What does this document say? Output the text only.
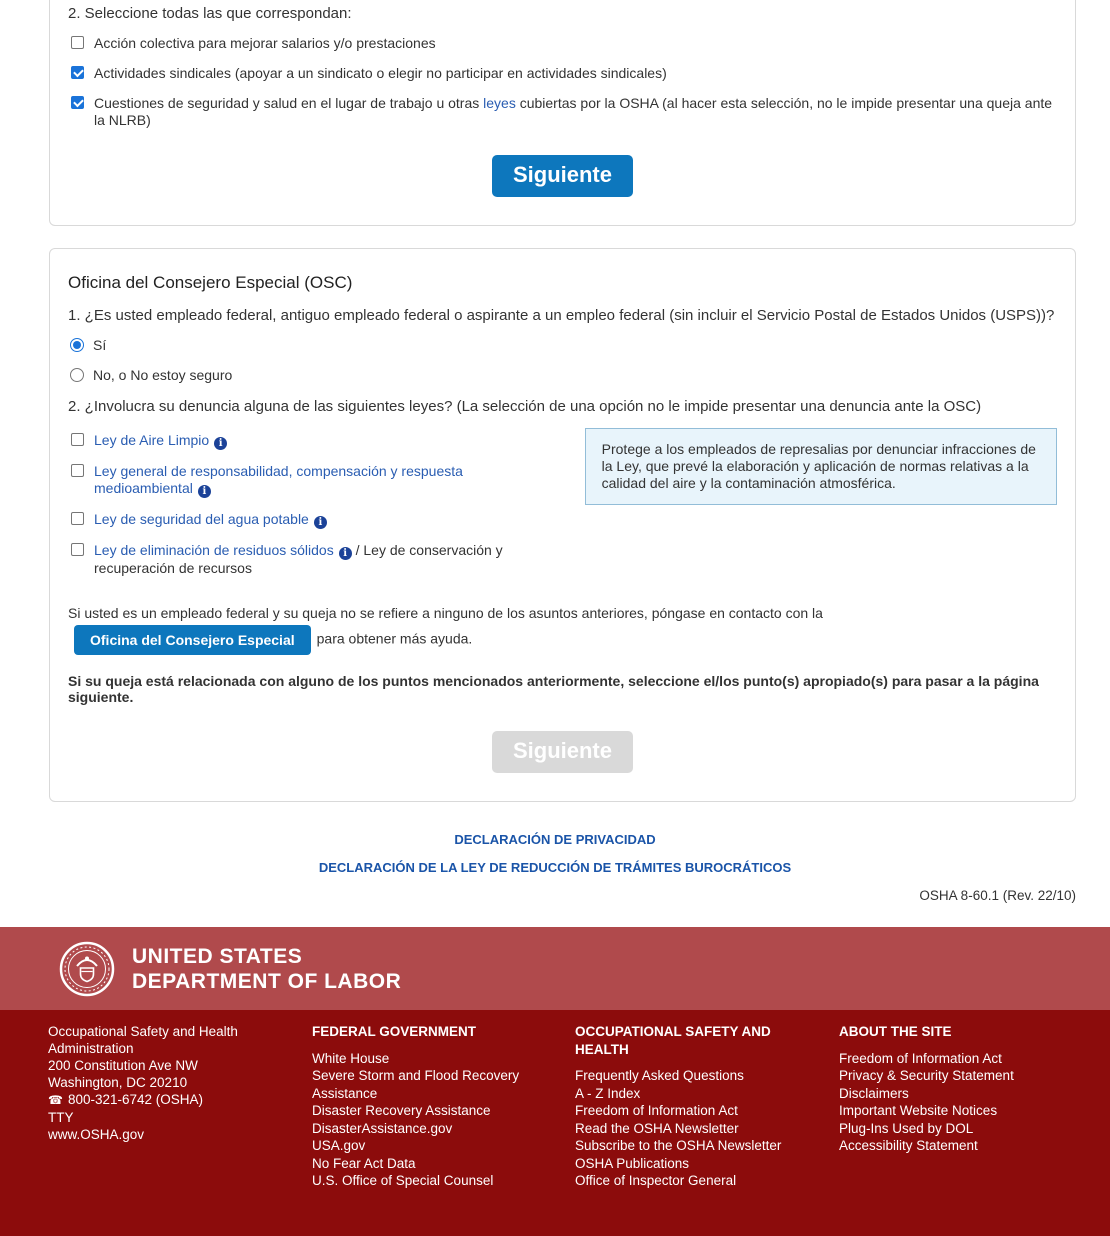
2. Seleccione todas las que correspondan:

Acción colectiva para mejorar salarios y/o prestaciones
Actividades sindicales (apoyar a un sindicato o elegir no participar en actividades sindicales)
Cuestiones de seguridad y salud en el lugar de trabajo u otras leyes cubiertas por la OSHA (al hacer esta selección, no le impide presentar una queja ante la NLRB)
Siguiente
Oficina del Consejero Especial (OSC)

1. ¿Es usted empleado federal, antiguo empleado federal o aspirante a un empleo federal (sin incluir el Servicio Postal de Estados Unidos (USPS))?

Sí
No, o No estoy seguro

2. ¿Involucra su denuncia alguna de las siguientes leyes? (La selección de una opción no le impide presentar una denuncia ante la OSC)

Ley de Aire Limpio i
Ley general de responsabilidad, compensación y respuesta medioambiental i
Ley de seguridad del agua potable i
Ley de eliminación de residuos sólidos i / Ley de conservación y recuperación de recursos
Protege a los empleados de represalias por denunciar infracciones de la Ley, que prevé la elaboración y aplicación de normas relativas a la calidad del aire y la contaminación atmosférica.

Si usted es un empleado federal y su queja no se refiere a ninguno de los asuntos anteriores, póngase en contacto con laOficina del Consejero Especial para obtener más ayuda.

Si su queja está relacionada con alguno de los puntos mencionados anteriormente, seleccione el/los punto(s) apropiado(s) para pasar a la página siguiente.

Siguiente
DECLARACIÓN DE PRIVACIDAD
DECLARACIÓN DE LA LEY DE REDUCCIÓN DE TRÁMITES BUROCRÁTICOS
OSHA 8-60.1 (Rev. 22/10)
UNITED STATES
DEPARTMENT OF LABOR
Occupational Safety and Health Administration
200 Constitution Ave NW
Washington, DC 20210
☎ 800-321-6742 (OSHA)
TTY
www.OSHA.gov
FEDERAL GOVERNMENT
White House
Severe Storm and Flood Recovery Assistance
Disaster Recovery Assistance
DisasterAssistance.gov
USA.gov
No Fear Act Data
U.S. Office of Special Counsel
OCCUPATIONAL SAFETY AND HEALTH
Frequently Asked Questions
A - Z Index
Freedom of Information Act
Read the OSHA Newsletter
Subscribe to the OSHA Newsletter
OSHA Publications
Office of Inspector General
ABOUT THE SITE
Freedom of Information Act
Privacy & Security Statement
Disclaimers
Important Website Notices
Plug-Ins Used by DOL
Accessibility Statement
